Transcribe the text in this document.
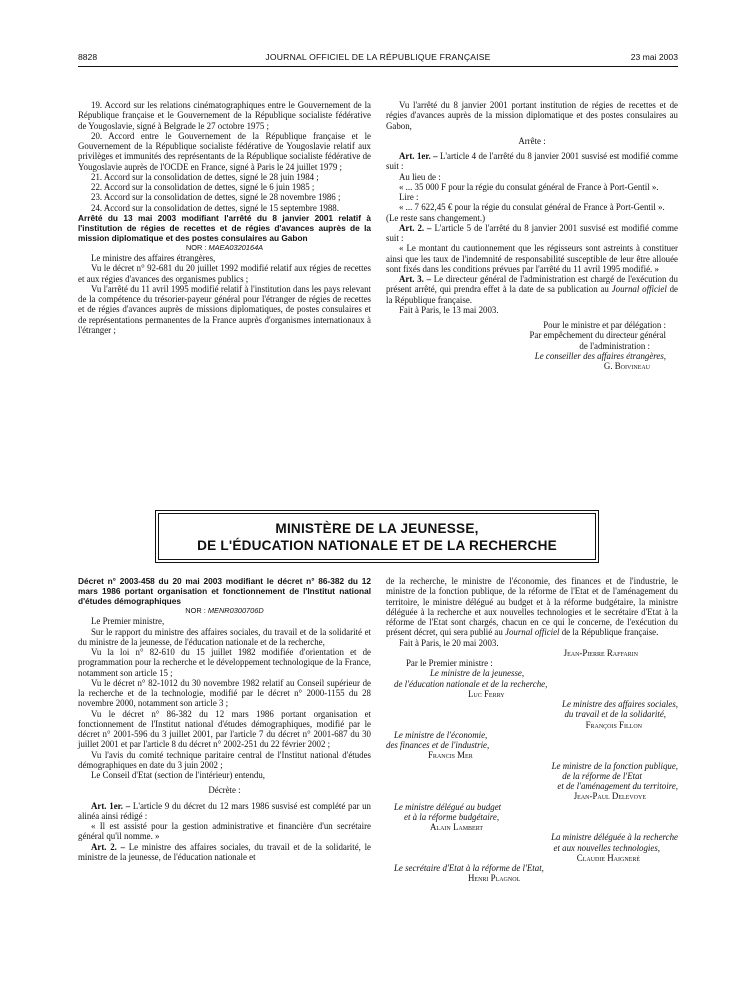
8828	JOURNAL OFFICIEL DE LA RÉPUBLIQUE FRANÇAISE	23 mai 2003

19. Accord sur les relations cinématographiques entre le Gouvernement de la République française et le Gouvernement de la République socialiste fédérative de Yougoslavie, signé à Belgrade le 27 octobre 1975 ;

20. Accord entre le Gouvernement de la République française et le Gouvernement de la République socialiste fédérative de Yougoslavie relatif aux privilèges et immunités des représentants de la République socialiste fédérative de Yougoslavie auprès de l'OCDE en France, signé à Paris le 24 juillet 1979 ;

21. Accord sur la consolidation de dettes, signé le 28 juin 1984 ;

22. Accord sur la consolidation de dettes, signé le 6 juin 1985 ;

23. Accord sur la consolidation de dettes, signé le 28 novembre 1986 ;

24. Accord sur la consolidation de dettes, signé le 15 septembre 1988.

Arrêté du 13 mai 2003 modifiant l'arrêté du 8 janvier 2001 relatif à l'institution de régies de recettes et de régies d'avances auprès de la mission diplomatique et des postes consulaires au Gabon

NOR : MAEA0320164A

Le ministre des affaires étrangères,

Vu le décret n° 92-681 du 20 juillet 1992 modifié relatif aux régies de recettes et aux régies d'avances des organismes publics ;

Vu l'arrêté du 11 avril 1995 modifié relatif à l'institution dans les pays relevant de la compétence du trésorier-payeur général pour l'étranger de régies de recettes et de régies d'avances auprès de missions diplomatiques, de postes consulaires et de représentations permanentes de la France auprès d'organismes internationaux à l'étranger ;

Vu l'arrêté du 8 janvier 2001 portant institution de régies de recettes et de régies d'avances auprès de la mission diplomatique et des postes consulaires au Gabon,

Arrête :

Art. 1er. – L'article 4 de l'arrêté du 8 janvier 2001 susvisé est modifié comme suit :

Au lieu de :

« ... 35 000 F pour la régie du consulat général de France à Port-Gentil ».

Lire :

« ... 7 622,45 € pour la régie du consulat général de France à Port-Gentil ».

(Le reste sans changement.)

Art. 2. – L'article 5 de l'arrêté du 8 janvier 2001 susvisé est modifié comme suit :

« Le montant du cautionnement que les régisseurs sont astreints à constituer ainsi que les taux de l'indemnité de responsabilité susceptible de leur être allouée sont fixés dans les conditions prévues par l'arrêté du 11 avril 1995 modifié. »

Art. 3. – Le directeur général de l'administration est chargé de l'exécution du présent arrêté, qui prendra effet à la date de sa publication au Journal officiel de la République française.

Fait à Paris, le 13 mai 2003.

Pour le ministre et par délégation :

Par empêchement du directeur général

de l'administration :

Le conseiller des affaires étrangères,

G. Boivineau

MINISTÈRE DE LA JEUNESSE,
DE L'ÉDUCATION NATIONALE ET DE LA RECHERCHE

Décret n° 2003-458 du 20 mai 2003 modifiant le décret n° 86-382 du 12 mars 1986 portant organisation et fonctionnement de l'Institut national d'études démographiques

NOR : MENR0300706D

Le Premier ministre,

Sur le rapport du ministre des affaires sociales, du travail et de la solidarité et du ministre de la jeunesse, de l'éducation nationale et de la recherche,

Vu la loi n° 82-610 du 15 juillet 1982 modifiée d'orientation et de programmation pour la recherche et le développement technologique de la France, notamment son article 15 ;

Vu le décret n° 82-1012 du 30 novembre 1982 relatif au Conseil supérieur de la recherche et de la technologie, modifié par le décret n° 2000-1155 du 28 novembre 2000, notamment son article 3 ;

Vu le décret n° 86-382 du 12 mars 1986 portant organisation et fonctionnement de l'Institut national d'études démographiques, modifié par le décret n° 2001-596 du 3 juillet 2001, par l'article 7 du décret n° 2001-687 du 30 juillet 2001 et par l'article 8 du décret n° 2002-251 du 22 février 2002 ;

Vu l'avis du comité technique paritaire central de l'Institut national d'études démographiques en date du 3 juin 2002 ;

Le Conseil d'Etat (section de l'intérieur) entendu,

Décrète :

Art. 1er. – L'article 9 du décret du 12 mars 1986 susvisé est complété par un alinéa ainsi rédigé :

« Il est assisté pour la gestion administrative et financière d'un secrétaire général qu'il nomme. »

Art. 2. – Le ministre des affaires sociales, du travail et de la solidarité, le ministre de la jeunesse, de l'éducation nationale et

de la recherche, le ministre de l'économie, des finances et de l'industrie, le ministre de la fonction publique, de la réforme de l'Etat et de l'aménagement du territoire, le ministre délégué au budget et à la réforme budgétaire, la ministre déléguée à la recherche et aux nouvelles technologies et le secrétaire d'Etat à la réforme de l'Etat sont chargés, chacun en ce qui le concerne, de l'exécution du présent décret, qui sera publié au Journal officiel de la République française.

Fait à Paris, le 20 mai 2003.

Jean-Pierre Raffarin

Par le Premier ministre :

Le ministre de la jeunesse,

de l'éducation nationale et de la recherche,

Luc Ferry

Le ministre des affaires sociales,

du travail et de la solidarité,

François Fillon

Le ministre de l'économie,

des finances et de l'industrie,

Francis Mer

Le ministre de la fonction publique,

de la réforme de l'Etat

et de l'aménagement du territoire,

Jean-Paul Delevoye

Le ministre délégué au budget

et à la réforme budgétaire,

Alain Lambert

La ministre déléguée à la recherche

et aux nouvelles technologies,

Claudie Haigneré

Le secrétaire d'Etat à la réforme de l'Etat,

Henri Plagnol
